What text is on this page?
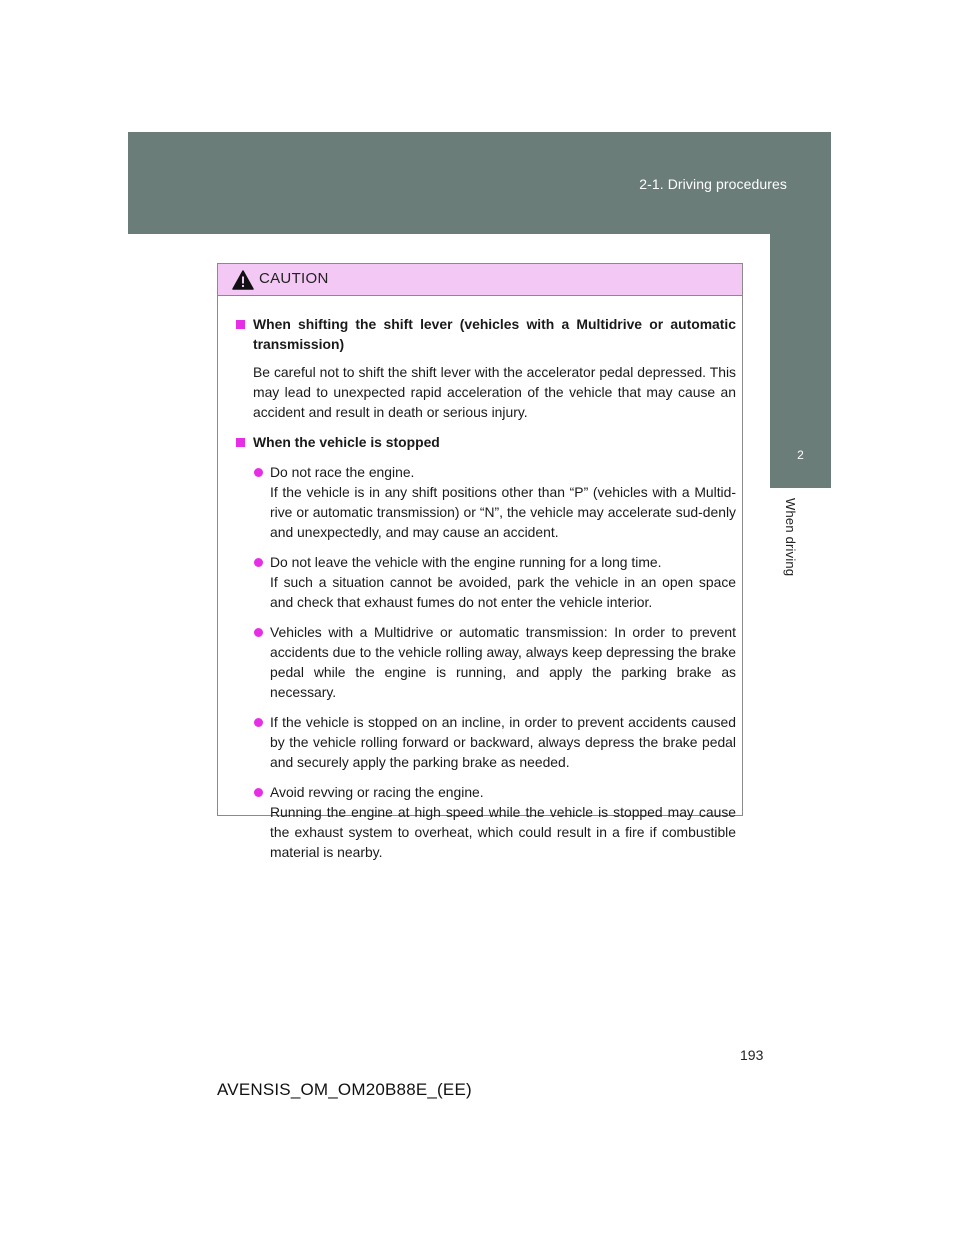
2-1. Driving procedures
2
When driving
CAUTION
When shifting the shift lever (vehicles with a Multidrive or automatic transmission)
Be careful not to shift the shift lever with the accelerator pedal depressed. This may lead to unexpected rapid acceleration of the vehicle that may cause an accident and result in death or serious injury.
When the vehicle is stopped
Do not race the engine.
If the vehicle is in any shift positions other than “P” (vehicles with a Multid-rive or automatic transmission) or “N”, the vehicle may accelerate sud-denly and unexpectedly, and may cause an accident.
Do not leave the vehicle with the engine running for a long time.
If such a situation cannot be avoided, park the vehicle in an open space and check that exhaust fumes do not enter the vehicle interior.
Vehicles with a Multidrive or automatic transmission: In order to prevent accidents due to the vehicle rolling away, always keep depressing the brake pedal while the engine is running, and apply the parking brake as necessary.
If the vehicle is stopped on an incline, in order to prevent accidents caused by the vehicle rolling forward or backward, always depress the brake pedal and securely apply the parking brake as needed.
Avoid revving or racing the engine.
Running the engine at high speed while the vehicle is stopped may cause the exhaust system to overheat, which could result in a fire if combustible material is nearby.
193
AVENSIS_OM_OM20B88E_(EE)
